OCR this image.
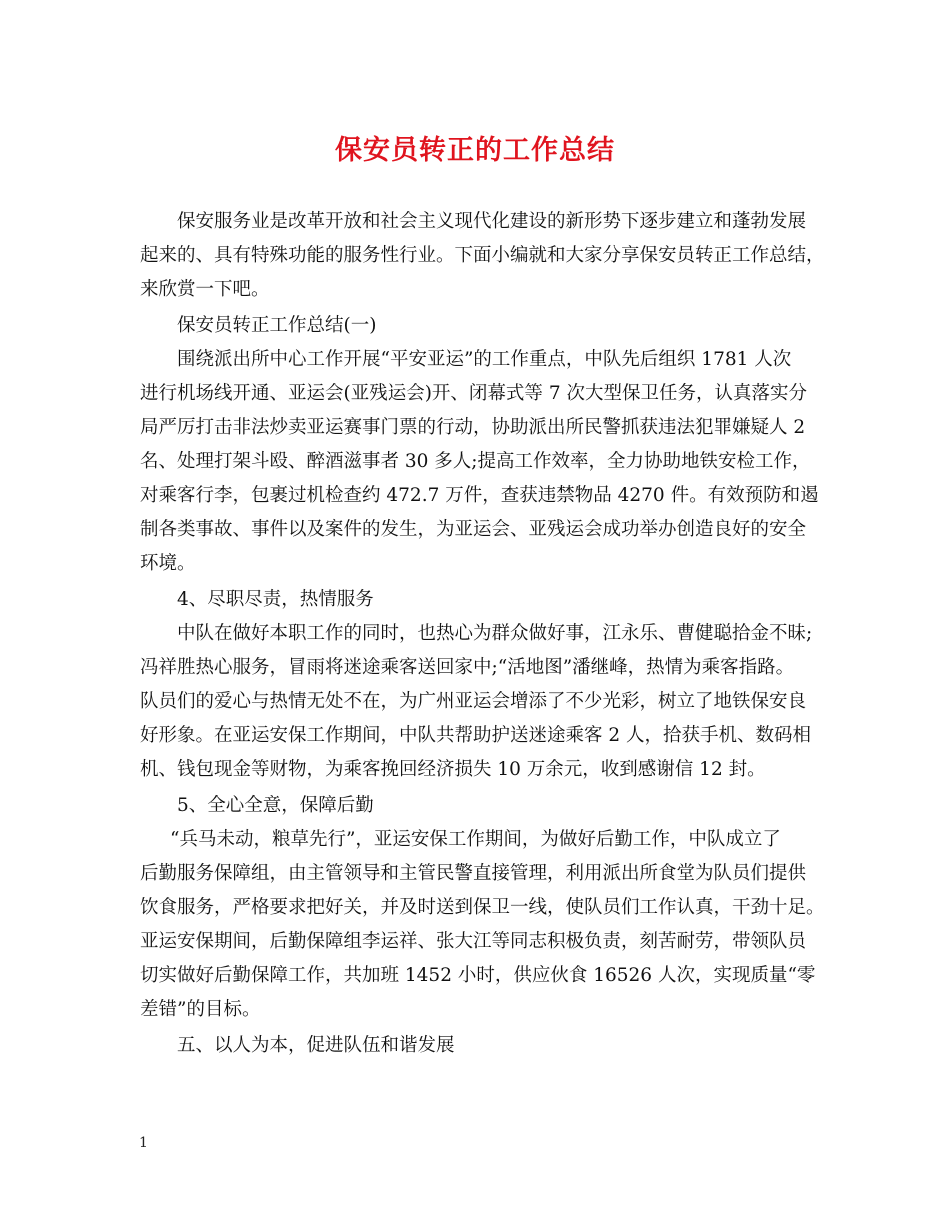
保安员转正的工作总结
保安服务业是改革开放和社会主义现代化建设的新形势下逐步建立和蓬勃发展
起来的、具有特殊功能的服务性行业。下面小编就和大家分享保安员转正工作总结，
来欣赏一下吧。
保安员转正工作总结(一)
围绕派出所中心工作开展“平安亚运”的工作重点，中队先后组织 1781 人次
进行机场线开通、亚运会(亚残运会)开、闭幕式等 7 次大型保卫任务，认真落实分
局严厉打击非法炒卖亚运赛事门票的行动，协助派出所民警抓获违法犯罪嫌疑人 2
名、处理打架斗殴、醉酒滋事者 30 多人;提高工作效率，全力协助地铁安检工作，
对乘客行李，包裹过机检查约 472.7 万件，查获违禁物品 4270 件。有效预防和遏
制各类事故、事件以及案件的发生，为亚运会、亚残运会成功举办创造良好的安全
环境。
4、尽职尽责，热情服务
中队在做好本职工作的同时，也热心为群众做好事，江永乐、曹健聪拾金不昧;
冯祥胜热心服务，冒雨将迷途乘客送回家中;“活地图”潘继峰，热情为乘客指路。
队员们的爱心与热情无处不在，为广州亚运会增添了不少光彩，树立了地铁保安良
好形象。在亚运安保工作期间，中队共帮助护送迷途乘客 2 人，拾获手机、数码相
机、钱包现金等财物，为乘客挽回经济损失 10 万余元，收到感谢信 12 封。
5、全心全意，保障后勤
“兵马未动，粮草先行”，亚运安保工作期间，为做好后勤工作，中队成立了
后勤服务保障组，由主管领导和主管民警直接管理，利用派出所食堂为队员们提供
饮食服务，严格要求把好关，并及时送到保卫一线，使队员们工作认真，干劲十足。
亚运安保期间，后勤保障组李运祥、张大江等同志积极负责，刻苦耐劳，带领队员
切实做好后勤保障工作，共加班 1452 小时，供应伙食 16526 人次，实现质量“零
差错”的目标。
五、以人为本，促进队伍和谐发展
1
